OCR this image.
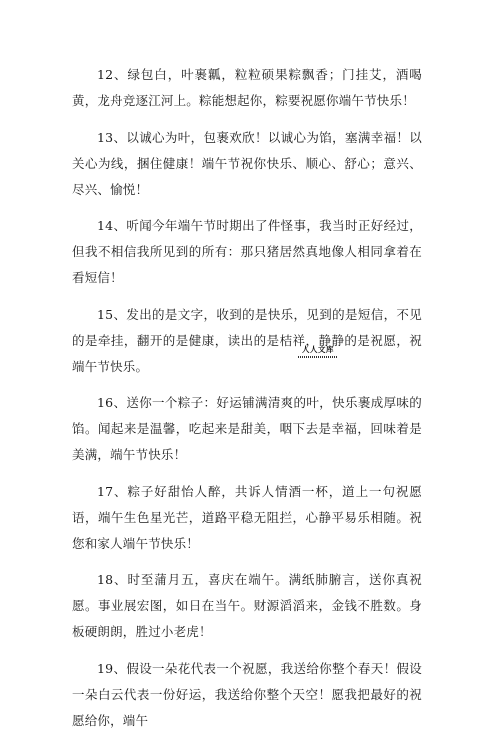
12、绿包白，叶裹瓤，粒粒硕果粽飘香；门挂艾，酒喝黄，龙舟竞逐江河上。粽能想起你，粽要祝愿你端午节快乐！

13、以诚心为叶，包裹欢欣！以诚心为馅，塞满幸福！以关心为线，捆住健康！端午节祝你快乐、顺心、舒心；意兴、尽兴、愉悦！

14、听闻今年端午节时期出了件怪事，我当时正好经过，但我不相信我所见到的所有：那只猪居然真地像人相同拿着在看短信！

15、发出的是文字，收到的是快乐，见到的是短信，不见的是牵挂，翻开的是健康，读出的是桔祥，静静的是祝愿，祝端午节快乐。

16、送你一个粽子：好运铺满清爽的叶，快乐裹成厚味的馅。闻起来是温馨，吃起来是甜美，咽下去是幸福，回味着是美满，端午节快乐！

17、粽子好甜怡人醉，共诉人情酒一杯，道上一句祝愿语，端午生色星光芒，道路平稳无阻拦，心静平易乐相随。祝您和家人端午节快乐！

18、时至蒲月五，喜庆在端午。满纸肺腑言，送你真祝愿。事业展宏图，如日在当午。财源滔滔来，金钱不胜数。身板硬朗朗，胜过小老虎！

19、假设一朵花代表一个祝愿，我送给你整个春天！假设一朵白云代表一份好运，我送给你整个天空！愿我把最好的祝愿给你，端午

人人文库
